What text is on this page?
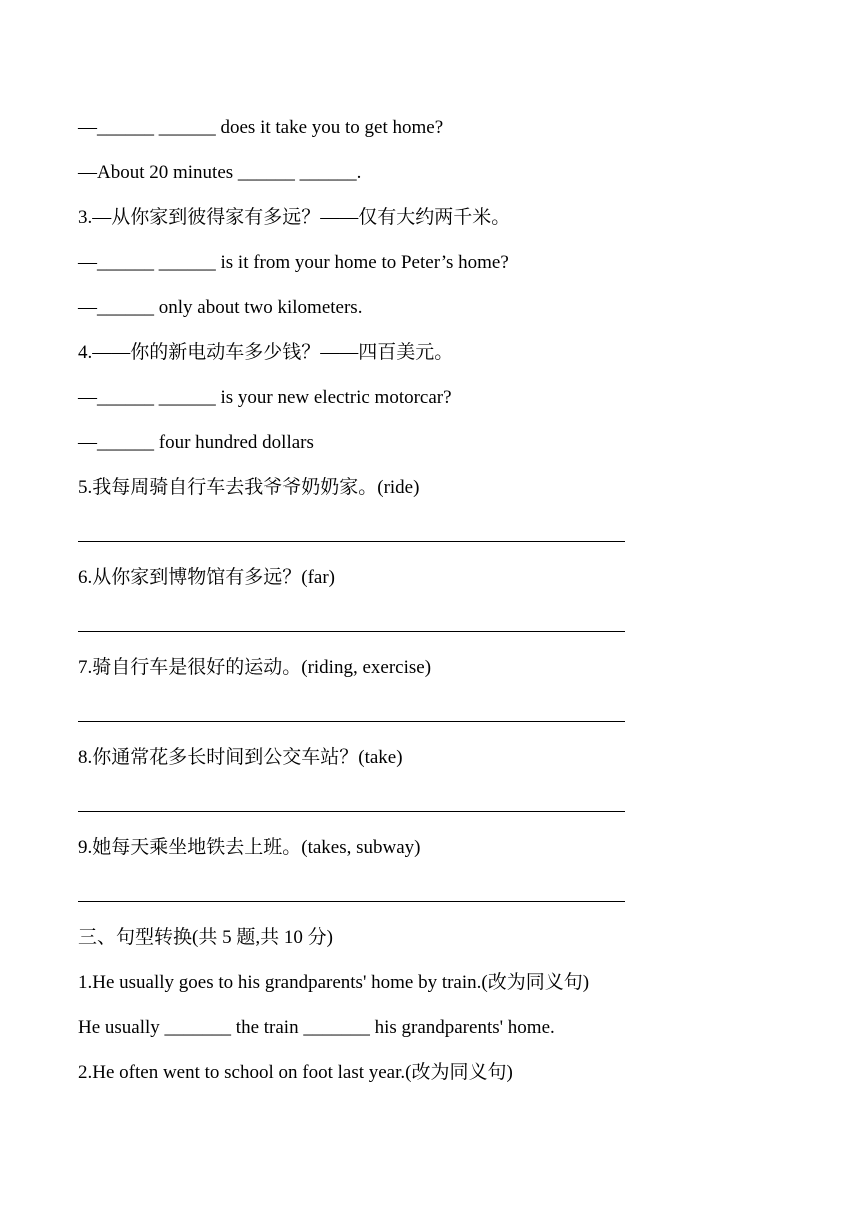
—______ ______ does it take you to get home?
—About 20 minutes ______ ______.
3.—从你家到彼得家有多远？——仅有大约两千米。
—______ ______ is it from your home to Peter’s home?
—______ only about two kilometers.
4.——你的新电动车多少钱？——四百美元。
—______ ______ is your new electric motorcar?
—______ four hundred dollars
5.我每周骑自行车去我爷爷奶奶家。(ride)
6.从你家到博物馆有多远？(far)
7.骑自行车是很好的运动。(riding, exercise)
8.你通常花多长时间到公交车站？(take)
9.她每天乘坐地铁去上班。(takes, subway)
三、句型转换(共 5 题,共 10 分)
1.He usually goes to his grandparents' home by train.(改为同义句)
He usually _______ the train _______ his grandparents' home.
2.He often went to school on foot last year.(改为同义句)
